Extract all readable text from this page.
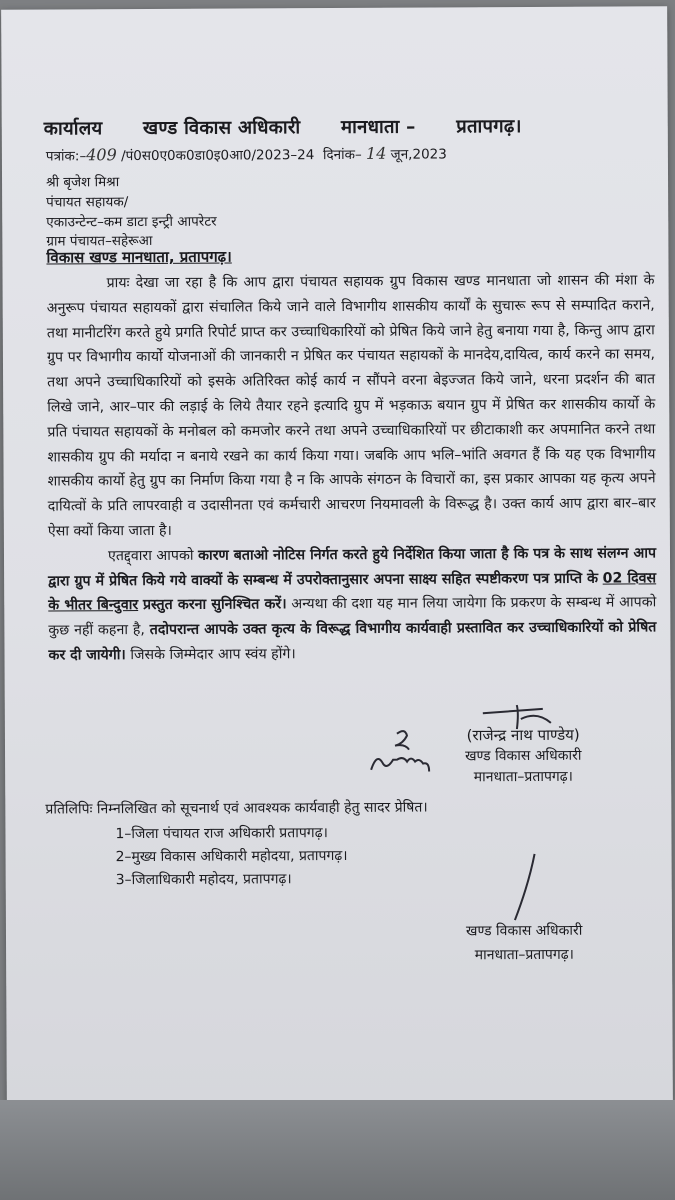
कार्यालय खण्ड विकास अधिकारी मानधाता – प्रतापगढ़।
पत्रांक:–409 /पं0स0ए0क0डा0इ0आ0/2023–24 दिनांक– 14 जून,2023
श्री बृजेश मिश्रा
पंचायत सहायक/
एकाउन्टेन्ट–कम डाटा इन्ट्री आपरेटर
ग्राम पंचायत–सहेरूआ
विकास खण्ड मानधाता, प्रतापगढ़।

प्रायः देखा जा रहा है कि आप द्वारा पंचायत सहायक ग्रुप विकास खण्ड मानधाता जो शासन की मंशा के अनुरूप पंचायत सहायकों द्वारा संचालित किये जाने वाले विभागीय शासकीय कार्यों के सुचारू रूप से सम्पादित कराने, तथा मानीटरिंग करते हुये प्रगति रिपोर्ट प्राप्त कर उच्चाधिकारियों को प्रेषित किये जाने हेतु बनाया गया है, किन्तु आप द्वारा ग्रुप पर विभागीय कार्यो योजनाओं की जानकारी न प्रेषित कर पंचायत सहायकों के मानदेय,दायित्व, कार्य करने का समय, तथा अपने उच्चाधिकारियों को इसके अतिरिक्त कोई कार्य न सौंपने वरना बेइज्जत किये जाने, धरना प्रदर्शन की बात लिखे जाने, आर–पार की लड़ाई के लिये तैयार रहने इत्यादि ग्रुप में भड़काऊ बयान ग्रुप में प्रेषित कर शासकीय कार्यो के प्रति पंचायत सहायकों के मनोबल को कमजोर करने तथा अपने उच्चाधिकारियों पर छीटाकाशी कर अपमानित करने तथा शासकीय ग्रुप की मर्यादा न बनाये रखने का कार्य किया गया। जबकि आप भलि–भांति अवगत हैं कि यह एक विभागीय शासकीय कार्यो हेतु ग्रुप का निर्माण किया गया है न कि आपके संगठन के विचारों का, इस प्रकार आपका यह कृत्य अपने दायित्वों के प्रति लापरवाही व उदासीनता एवं कर्मचारी आचरण नियमावली के विरूद्ध है। उक्त कार्य आप द्वारा बार–बार ऐसा क्यों किया जाता है।

एतद्द्वारा आपको कारण बताओ नोटिस निर्गत करते हुये निर्देशित किया जाता है कि पत्र के साथ संलग्न आप द्वारा ग्रुप में प्रेषित किये गये वाक्यों के सम्बन्ध में उपरोक्तानुसार अपना साक्ष्य सहित स्पष्टीकरण पत्र प्राप्ति के 02 दिवस के भीतर बिन्दुवार प्रस्तुत करना सुनिश्चित करें। अन्यथा की दशा यह मान लिया जायेगा कि प्रकरण के सम्बन्ध में आपको कुछ नहीं कहना है, तदोपरान्त आपके उक्त कृत्य के विरूद्ध विभागीय कार्यवाही प्रस्तावित कर उच्चाधिकारियों को प्रेषित कर दी जायेगी। जिसके जिम्मेदार आप स्वंय होंगे।

(राजेन्द्र नाथ पाण्डेय)
खण्ड विकास अधिकारी
मानधाता–प्रतापगढ़।
प्रतिलिपिः निम्नलिखित को सूचनार्थ एवं आवश्यक कार्यवाही हेतु सादर प्रेषित।
1–जिला पंचायत राज अधिकारी प्रतापगढ़।
2–मुख्य विकास अधिकारी महोदया, प्रतापगढ़।
3–जिलाधिकारी महोदय, प्रतापगढ़।
खण्ड विकास अधिकारी
मानधाता–प्रतापगढ़।
